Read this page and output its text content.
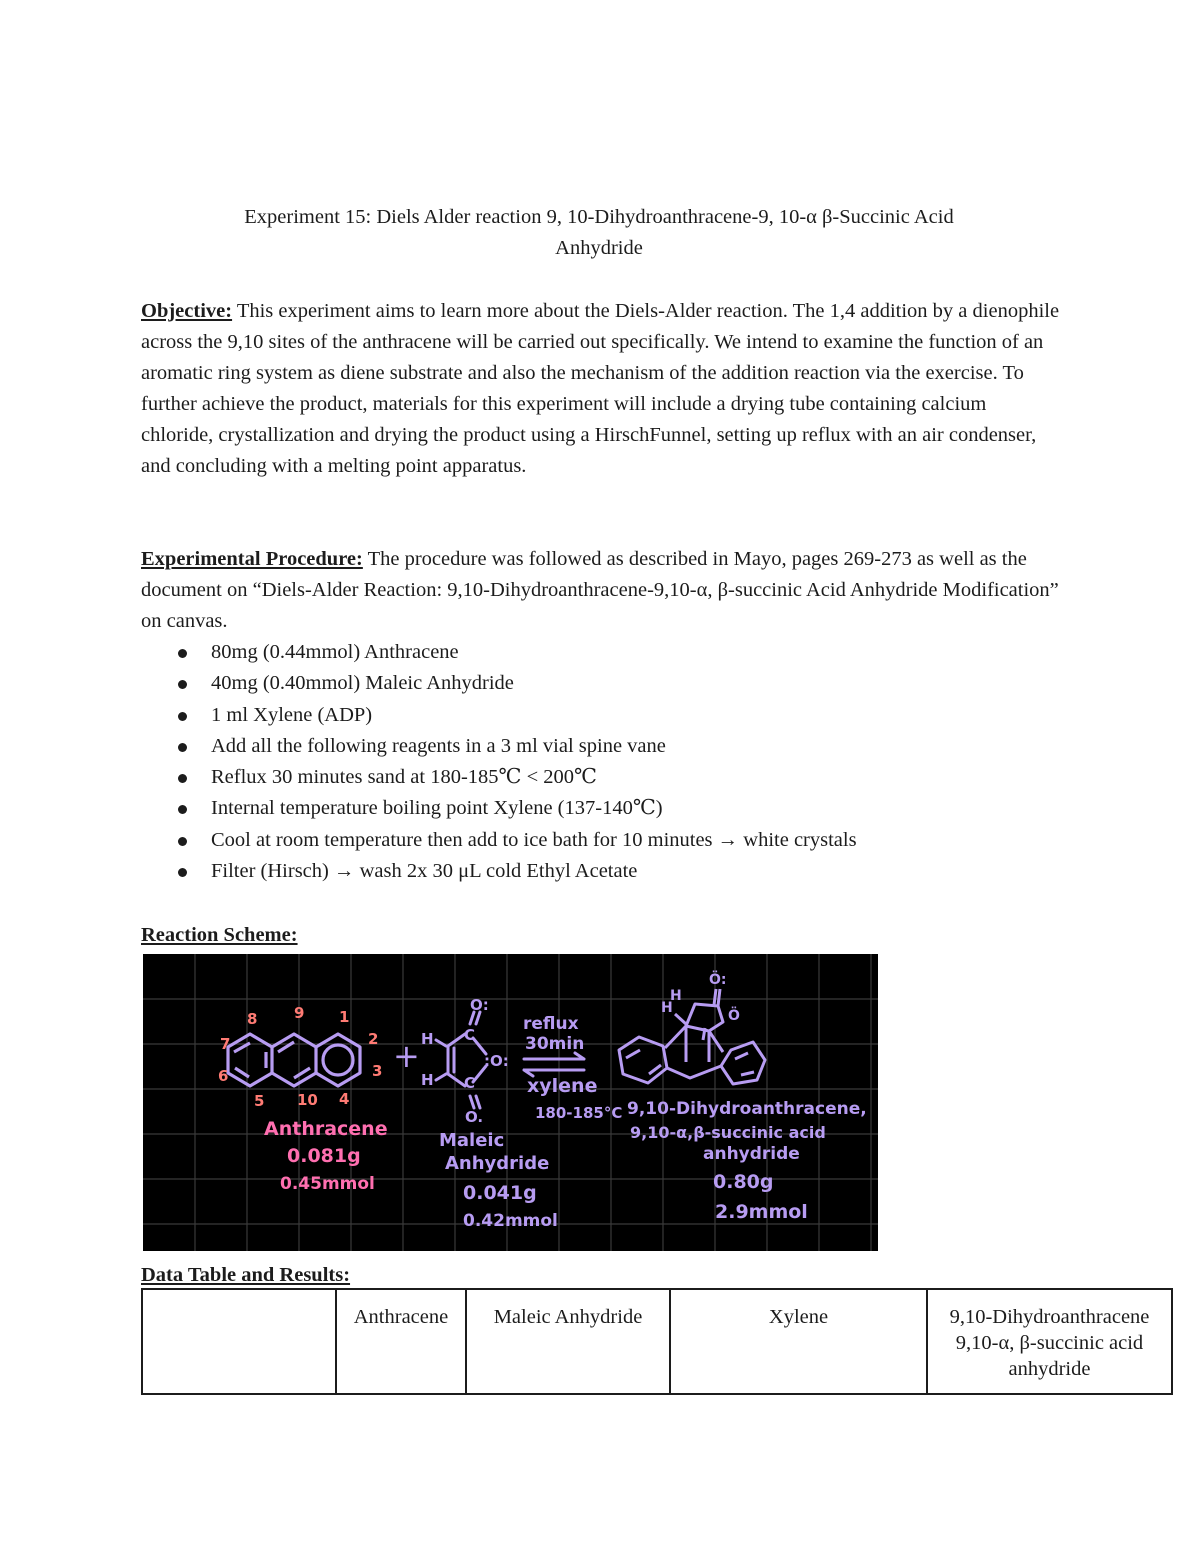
Experiment 15: Diels Alder reaction 9, 10-Dihydroanthracene-9, 10-α β-Succinic Acid
Anhydride
Objective: This experiment aims to learn more about the Diels-Alder reaction. The 1,4 addition by a dienophile across the 9,10 sites of the anthracene will be carried out specifically. We intend to examine the function of an aromatic ring system as diene substrate and also the mechanism of the addition reaction via the exercise. To further achieve the product, materials for this experiment will include a drying tube containing calcium chloride, crystallization and drying the product using a HirschFunnel, setting up reflux with an air condenser, and concluding with a melting point apparatus.
Experimental Procedure: The procedure was followed as described in Mayo, pages 269-273 as well as the document on “Diels-Alder Reaction: 9,10-Dihydroanthracene-9,10-α, β-succinic Acid Anhydride Modification” on canvas.
80mg (0.44mmol) Anthracene
40mg (0.40mmol) Maleic Anhydride
1 ml Xylene (ADP)
Add all the following reagents in a 3 ml vial spine vane
Reflux 30 minutes sand at 180-185℃ < 200℃
Internal temperature boiling point Xylene (137-140℃)
Cool at room temperature then add to ice bath for 10 minutes → white crystals
Filter (Hirsch) → wash 2x 30 μL cold Ethyl Acetate
Reaction Scheme:
8 9 1
7	2
6	3
5 10 4
Anthracene
0.081g
0.45mmol
+ H
H
C
C
O:
:O:
O.
Maleic
Anhydride
0.041g
0.42mmol
reflux
30min
xylene
180-185°C
H
H
Ö:
Ö
9,10-Dihydroanthracene,
9,10-α,β-succinic acid
anhydride
0.80g
2.9mmol
Data Table and Results:
	Anthracene	Maleic Anhydride	Xylene	9,10-Dihydroanthracene 9,10-α, β-succinic acid anhydride
